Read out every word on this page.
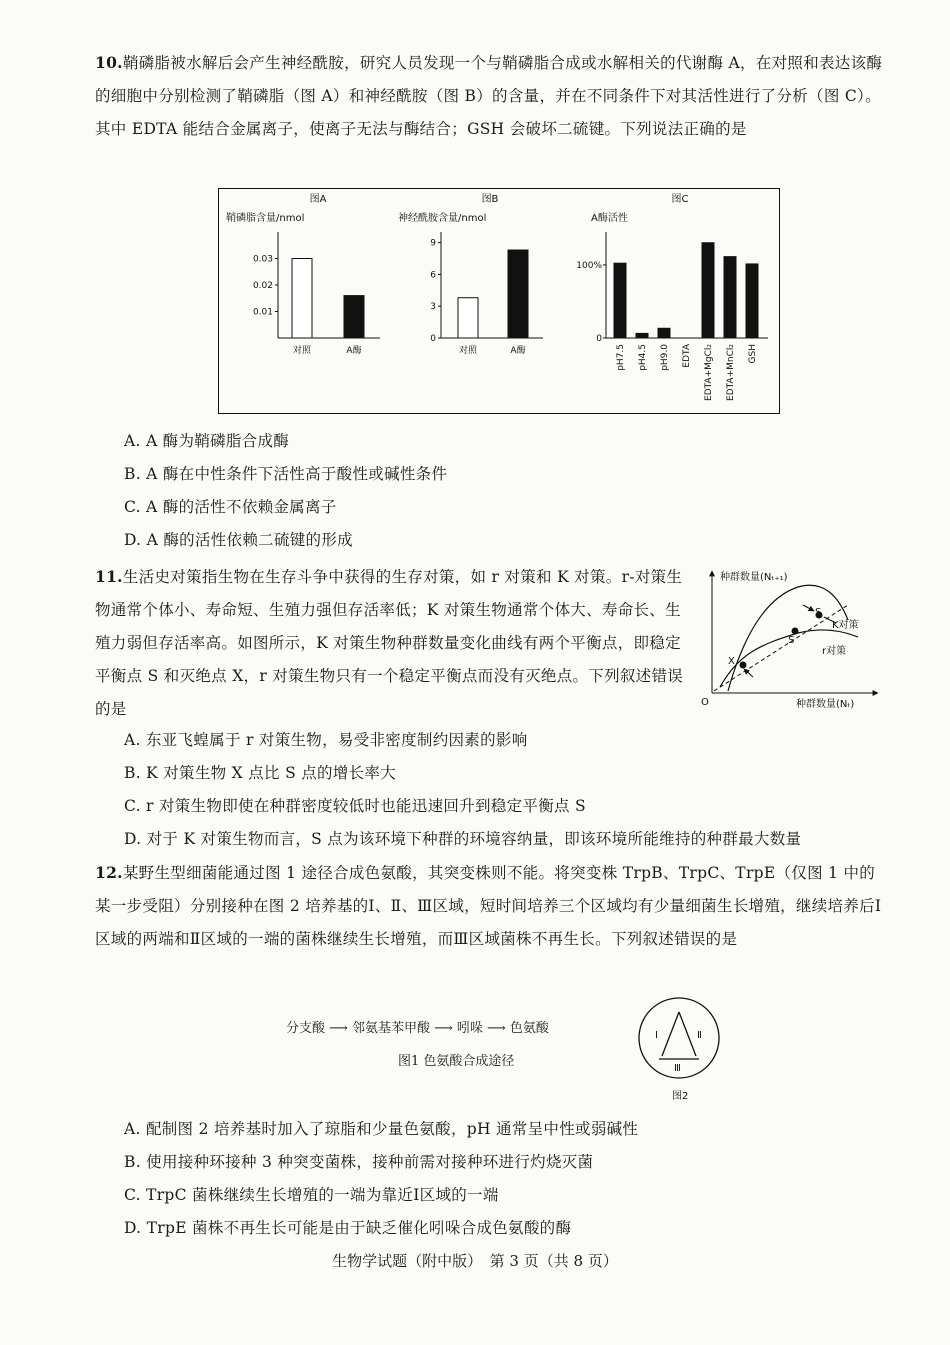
10.鞘磷脂被水解后会产生神经酰胺，研究人员发现一个与鞘磷脂合成或水解相关的代谢酶 A，在对照和表达该酶的细胞中分别检测了鞘磷脂（图 A）和神经酰胺（图 B）的含量，并在不同条件下对其活性进行了分析（图 C）。其中 EDTA 能结合金属离子，使离子无法与酶结合；GSH 会破坏二硫键。下列说法正确的是
图A
鞘磷脂含量/nmol
0.03
0.02
0.01
对照	A酶
图B
神经酰胺含量/nmol
9
6
3
0
对照	A酶
图C
A酶活性
100%
0
pH7.5 pH4.5 pH9.0 EDTA EDTA+MgCl₂ EDTA+MnCl₂ GSH
A. A 酶为鞘磷脂合成酶
B. A 酶在中性条件下活性高于酸性或碱性条件
C. A 酶的活性不依赖金属离子
D. A 酶的活性依赖二硫键的形成
11.生活史对策指生物在生存斗争中获得的生存对策，如 r 对策和 K 对策。r-对策生物通常个体小、寿命短、生殖力强但存活率低；K 对策生物通常个体大、寿命长、生殖力弱但存活率高。如图所示，K 对策生物种群数量变化曲线有两个平衡点，即稳定平衡点 S 和灭绝点 X，r 对策生物只有一个稳定平衡点而没有灭绝点。下列叙述错误的是
种群数量(Nₜ₊₁)
种群数量(Nₜ)
O
S
S
X
K对策
r对策
A. 东亚飞蝗属于 r 对策生物，易受非密度制约因素的影响
B. K 对策生物 X 点比 S 点的增长率大
C. r 对策生物即使在种群密度较低时也能迅速回升到稳定平衡点 S
D. 对于 K 对策生物而言，S 点为该环境下种群的环境容纳量，即该环境所能维持的种群最大数量
12.某野生型细菌能通过图 1 途径合成色氨酸，其突变株则不能。将突变株 TrpB、TrpC、TrpE（仅图 1 中的某一步受阻）分别接种在图 2 培养基的Ⅰ、Ⅱ、Ⅲ区域，短时间培养三个区域均有少量细菌生长增殖，继续培养后Ⅰ区域的两端和Ⅱ区域的一端的菌株继续生长增殖，而Ⅲ区域菌株不再生长。下列叙述错误的是
分支酸 ⟶ 邻氨基苯甲酸 ⟶ 吲哚 ⟶ 色氨酸
图1 色氨酸合成途径
Ⅰ	Ⅱ
Ⅲ
图2
A. 配制图 2 培养基时加入了琼脂和少量色氨酸，pH 通常呈中性或弱碱性
B. 使用接种环接种 3 种突变菌株，接种前需对接种环进行灼烧灭菌
C. TrpC 菌株继续生长增殖的一端为靠近Ⅰ区域的一端
D. TrpE 菌株不再生长可能是由于缺乏催化吲哚合成色氨酸的酶
生物学试题（附中版）　第 3 页（共 8 页）
